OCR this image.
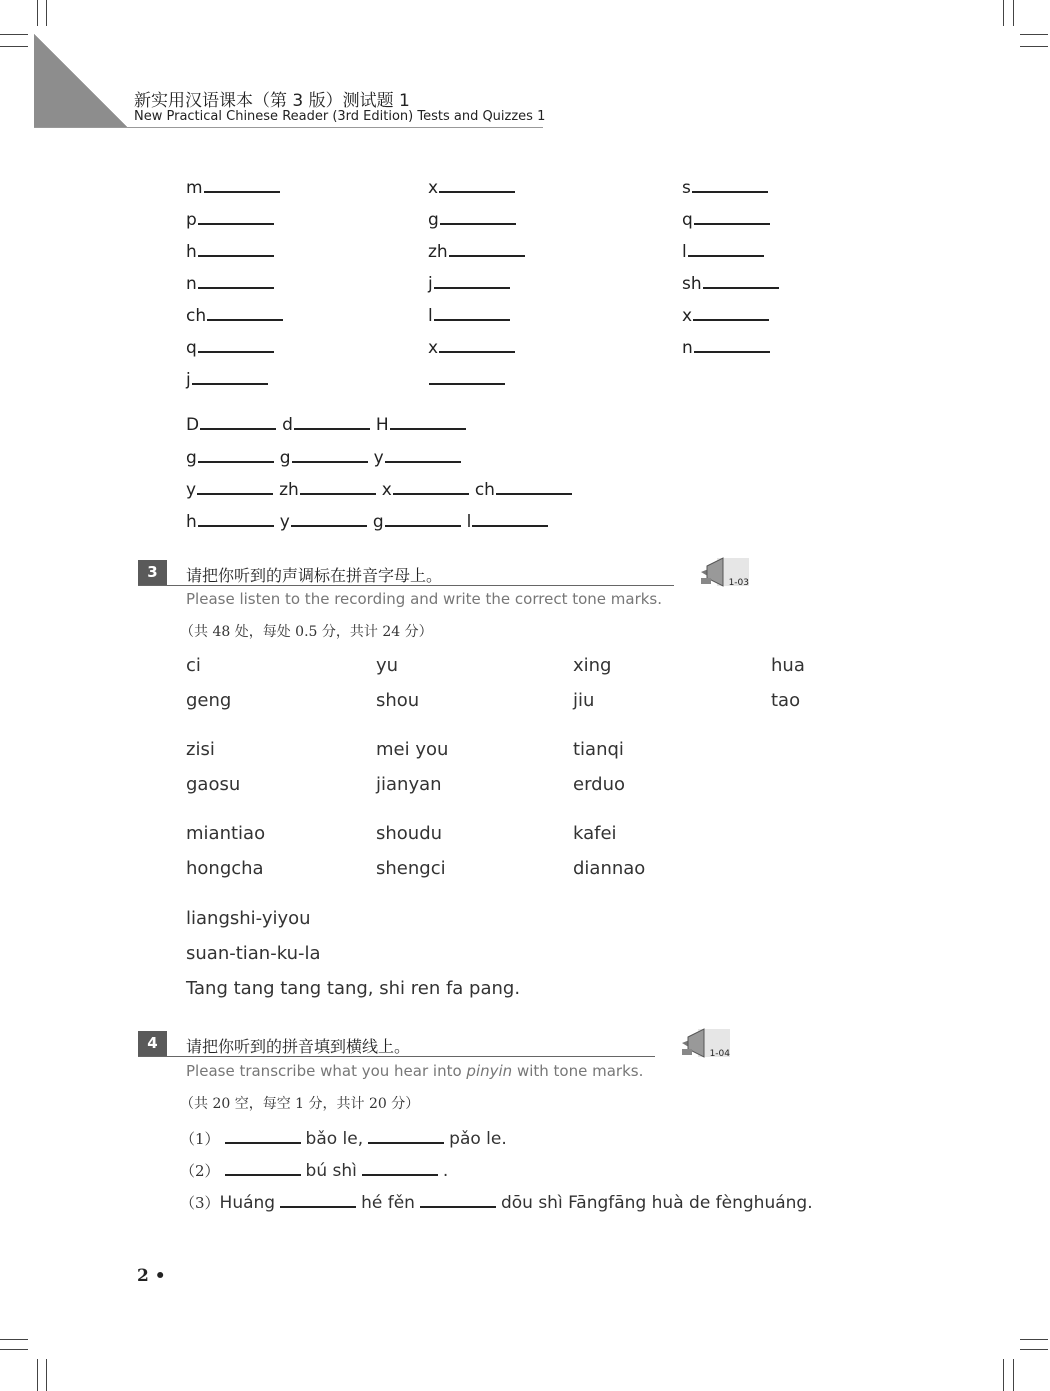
新实用汉语课本（第 3 版）测试题 1
New Practical Chinese Reader (3rd Edition) Tests and Quizzes 1
m	x	s
p	g	q
h	zh	l
n	j	sh
ch	l	x
q	x	n
j
D	d	H
g	g	y
y	zh	x	ch
h	y	g	l
3	请把你听到的声调标在拼音字母上。
Please listen to the recording and write the correct tone marks.
（共 48 处，每处 0.5 分，共计 24 分）
1-03
ci	yu	xing	hua
geng	shou	jiu	tao
zisi	mei you	tianqi
gaosu	jianyan	erduo
miantiao	shoudu	kafei
hongcha	shengci	diannao
liangshi-yiyou
suan-tian-ku-la
Tang tang tang tang, shi ren fa pang.
4	请把你听到的拼音填到横线上。
Please transcribe what you hear into pinyin with tone marks.
（共 20 空，每空 1 分，共计 20 分）
1-04
（1）	bǎo le,	pǎo le.
（2）	bú shì	.
（3）Huáng	hé fěn	dōu shì Fāngfāng huà de fènghuáng.
2 •
